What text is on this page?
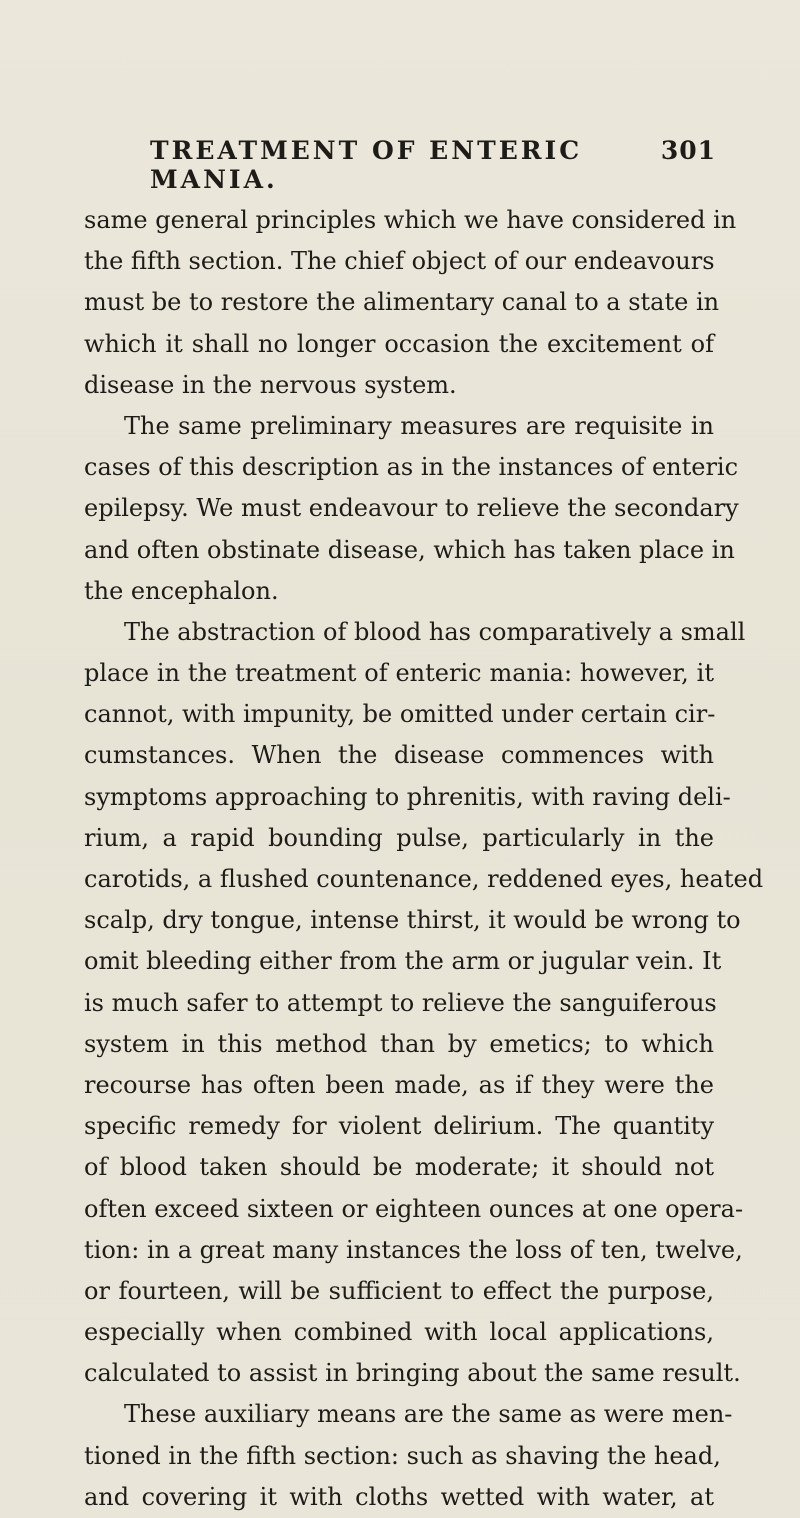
TREATMENT OF ENTERIC MANIA.
301
same general principles which we have considered in
the fifth section. The chief object of our endeavours
must be to restore the alimentary canal to a state in
which it shall no longer occasion the excitement of
disease in the nervous system.
The same preliminary measures are requisite in
cases of this description as in the instances of enteric
epilepsy. We must endeavour to relieve the secondary
and often obstinate disease, which has taken place in
the encephalon.
The abstraction of blood has comparatively a small
place in the treatment of enteric mania: however, it
cannot, with impunity, be omitted under certain cir-
cumstances. When the disease commences with
symptoms approaching to phrenitis, with raving deli-
rium, a rapid bounding pulse, particularly in the
carotids, a flushed countenance, reddened eyes, heated
scalp, dry tongue, intense thirst, it would be wrong to
omit bleeding either from the arm or jugular vein. It
is much safer to attempt to relieve the sanguiferous
system in this method than by emetics; to which
recourse has often been made, as if they were the
specific remedy for violent delirium. The quantity
of blood taken should be moderate; it should not
often exceed sixteen or eighteen ounces at one opera-
tion: in a great many instances the loss of ten, twelve,
or fourteen, will be sufficient to effect the purpose,
especially when combined with local applications,
calculated to assist in bringing about the same result.
These auxiliary means are the same as were men-
tioned in the fifth section: such as shaving the head,
and covering it with cloths wetted with water, at
